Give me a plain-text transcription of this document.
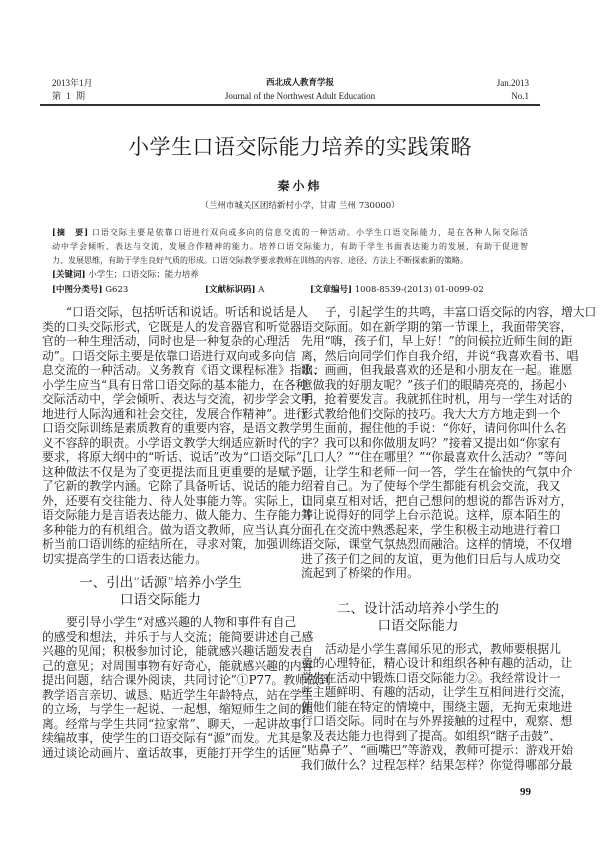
2013年1月
第 1 期
西北成人教育学报
Journal of the Northwest Adult Education
Jan.2013
No.1
小学生口语交际能力培养的实践策略
秦小炜
（兰州市城关区团结新村小学，甘肃 兰州 730000）
[摘　要] 口语交际主要是依靠口语进行双向或多向的信息交流的一种活动。小学生口语交际能力，是在各种人际交际活
动中学会倾听、表达与交流，发展合作精神的能力。培养口语交际能力，有助于学生书面表达能力的发展，有助于促进智
力、发展思维，有助于学生良好气质的形成。口语交际教学要求教师在训练的内容、途径、方法上不断探索新的策略。
[关键词] 小学生；口语交际；能力培养
[中图分类号] G623	[文献标识码] A	[文章编号] 1008-8539-(2013) 01-0099-02
“口语交际，包括听话和说话。听话和说话是人
类的口头交际形式，它既是人的发音器官和听觉器
官的一种生理活动，同时也是一种复杂的心理活
动”。口语交际主要是依靠口语进行双向或多向信
息交流的一种活动。义务教育《语文课程标准》指出：
小学生应当“具有日常口语交际的基本能力，在各种
交际活动中，学会倾听、表达与交流，初步学会文明
地进行人际沟通和社会交往，发展合作精神”。进行
口语交际训练是素质教育的重要内容，是语文教学
义不容辞的职责。小学语文教学大纲适应新时代的
要求，将原大纲中的“听话、说话”改为“口语交际”，
这种做法不仅是为了变更提法而且更重要的是赋予
了它新的教学内涵。它除了具备听话、说话的能力
外，还要有交往能力、待人处事能力等。实际上，口
语交际能力是言语表达能力、做人能力、生存能力等
多种能力的有机组合。做为语文教师，应当认真分
析当前口语训练的症结所在，寻求对策，加强训练，
切实提高学生的口语表达能力。
一、引出“话源”培养小学生
口语交际能力
要引导小学生“对感兴趣的人物和事件有自己
的感受和想法，并乐于与人交流；能简要讲述自己感
兴趣的见闻；积极参加讨论，能就感兴趣话题发表自
己的意见；对周围事物有好奇心，能就感兴趣的内容
提出问题，结合课外阅读，共同讨论”①P77。教师做到
教学语言亲切、诚恳、贴近学生年龄特点，站在学生
的立场，与学生一起说、一起想，缩短师生之间的距
离。经常与学生共同“拉家常”、聊天，一起讲故事，
续编故事，使学生的口语交际有“源”而发。尤其是
通过谈论动画片、童话故事，更能打开学生的话匣
子，引起学生的共鸣，丰富口语交际的内容，增大口
语交际面。如在新学期的第一节课上，我面带笑容，
先用“嗨，孩子们，早上好！”的问候拉近师生间的距
离，然后向同学们作自我介绍，并说“我喜欢看书、唱
歌、画画，但我最喜欢的还是和小朋友在一起。谁愿
意做我的好朋友呢？”孩子们的眼睛亮亮的，扬起小
手，抢着要发言。我就抓住时机，用与一学生对话的
形式教给他们交际的技巧。我大大方方地走到一个
男生面前，握住他的手说：“你好，请问你叫什么名
字？我可以和你做朋友吗？”接着又提出如“你家有
几口人？”“住在哪里？”“你最喜欢什么活动？”等问
题，让学生和老师一问一答，学生在愉快的气氛中介
绍着自己。为了使每个学生都能有机会交流，我又
让同桌互相对话，把自己想问的想说的都告诉对方，
并让说得好的同学上台示范说。这样，原本陌生的
面孔在交流中熟悉起来，学生积极主动地进行着口
语交际，课堂气氛热烈而融洽。这样的情境，不仅增
进了孩子们之间的友谊，更为他们日后与人成功交
流起到了桥梁的作用。
二、设计活动培养小学生的
口语交际能力
活动是小学生喜闻乐见的形式，教师要根据儿
童的心理特征，精心设计和组织各种有趣的活动，让
学生在活动中锻炼口语交际能力②。我经常设计一
些主题鲜明、有趣的活动，让学生互相间进行交流，
使他们能在特定的情境中，围绕主题，无拘无束地进
行口语交际。同时在与外界接触的过程中，观察、想
象及表达能力也得到了提高。如组织“瞎子击鼓”、
“贴鼻子”、“画嘴巴”等游戏，教师可提示：游戏开始
我们做什么？过程怎样？结果怎样？你觉得哪部分最
99
